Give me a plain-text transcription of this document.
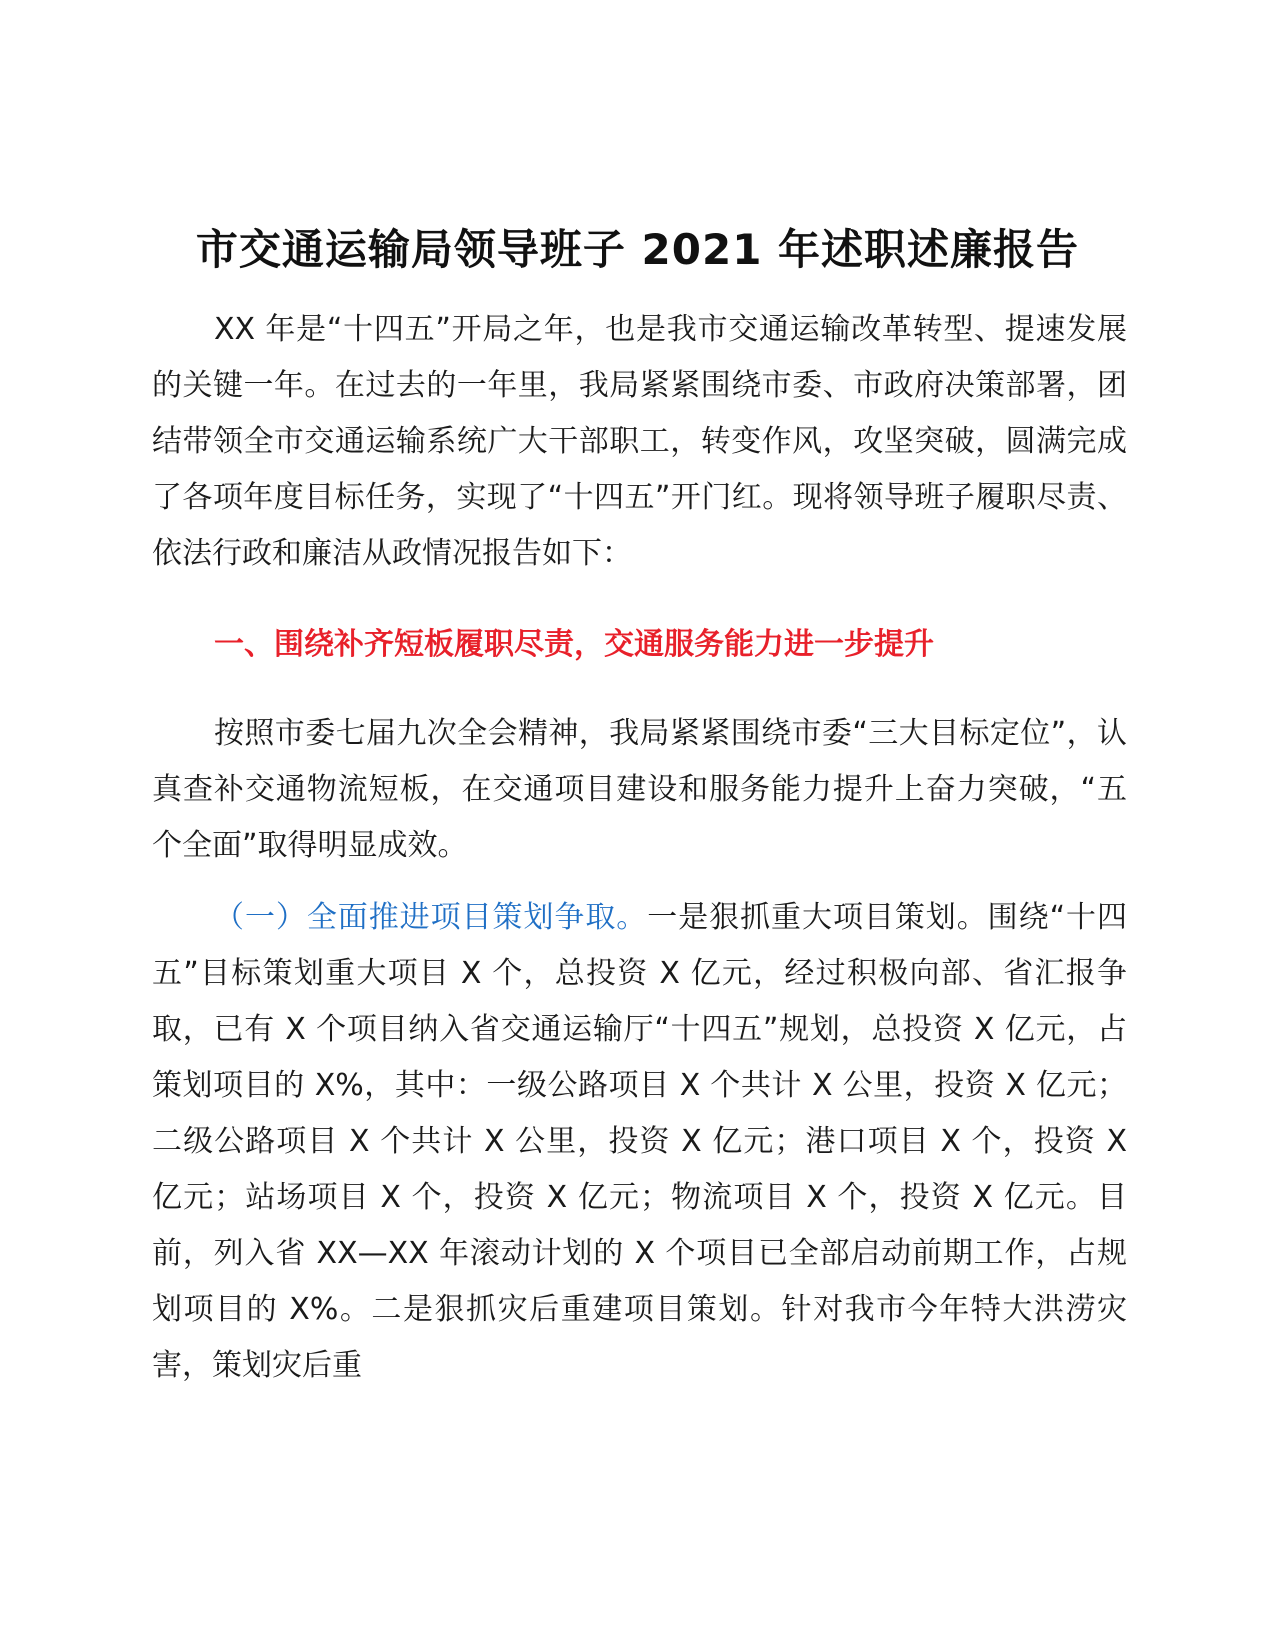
市交通运输局领导班子 2021 年述职述廉报告

XX 年是“十四五”开局之年，也是我市交通运输改革转型、提速发展的关键一年。在过去的一年里，我局紧紧围绕市委、市政府决策部署，团结带领全市交通运输系统广大干部职工，转变作风，攻坚突破，圆满完成了各项年度目标任务，实现了“十四五”开门红。现将领导班子履职尽责、依法行政和廉洁从政情况报告如下：

一、围绕补齐短板履职尽责，交通服务能力进一步提升

按照市委七届九次全会精神，我局紧紧围绕市委“三大目标定位”，认真查补交通物流短板，在交通项目建设和服务能力提升上奋力突破，“五个全面”取得明显成效。

（一）全面推进项目策划争取。一是狠抓重大项目策划。围绕“十四五”目标策划重大项目 X 个，总投资 X 亿元，经过积极向部、省汇报争取，已有 X 个项目纳入省交通运输厅“十四五”规划，总投资 X 亿元，占策划项目的 X%，其中：一级公路项目 X 个共计 X 公里，投资 X 亿元；二级公路项目 X 个共计 X 公里，投资 X 亿元；港口项目 X 个，投资 X 亿元；站场项目 X 个，投资 X 亿元；物流项目 X 个，投资 X 亿元。目前，列入省 XX—XX 年滚动计划的 X 个项目已全部启动前期工作，占规划项目的 X%。二是狠抓灾后重建项目策划。针对我市今年特大洪涝灾害，策划灾后重
